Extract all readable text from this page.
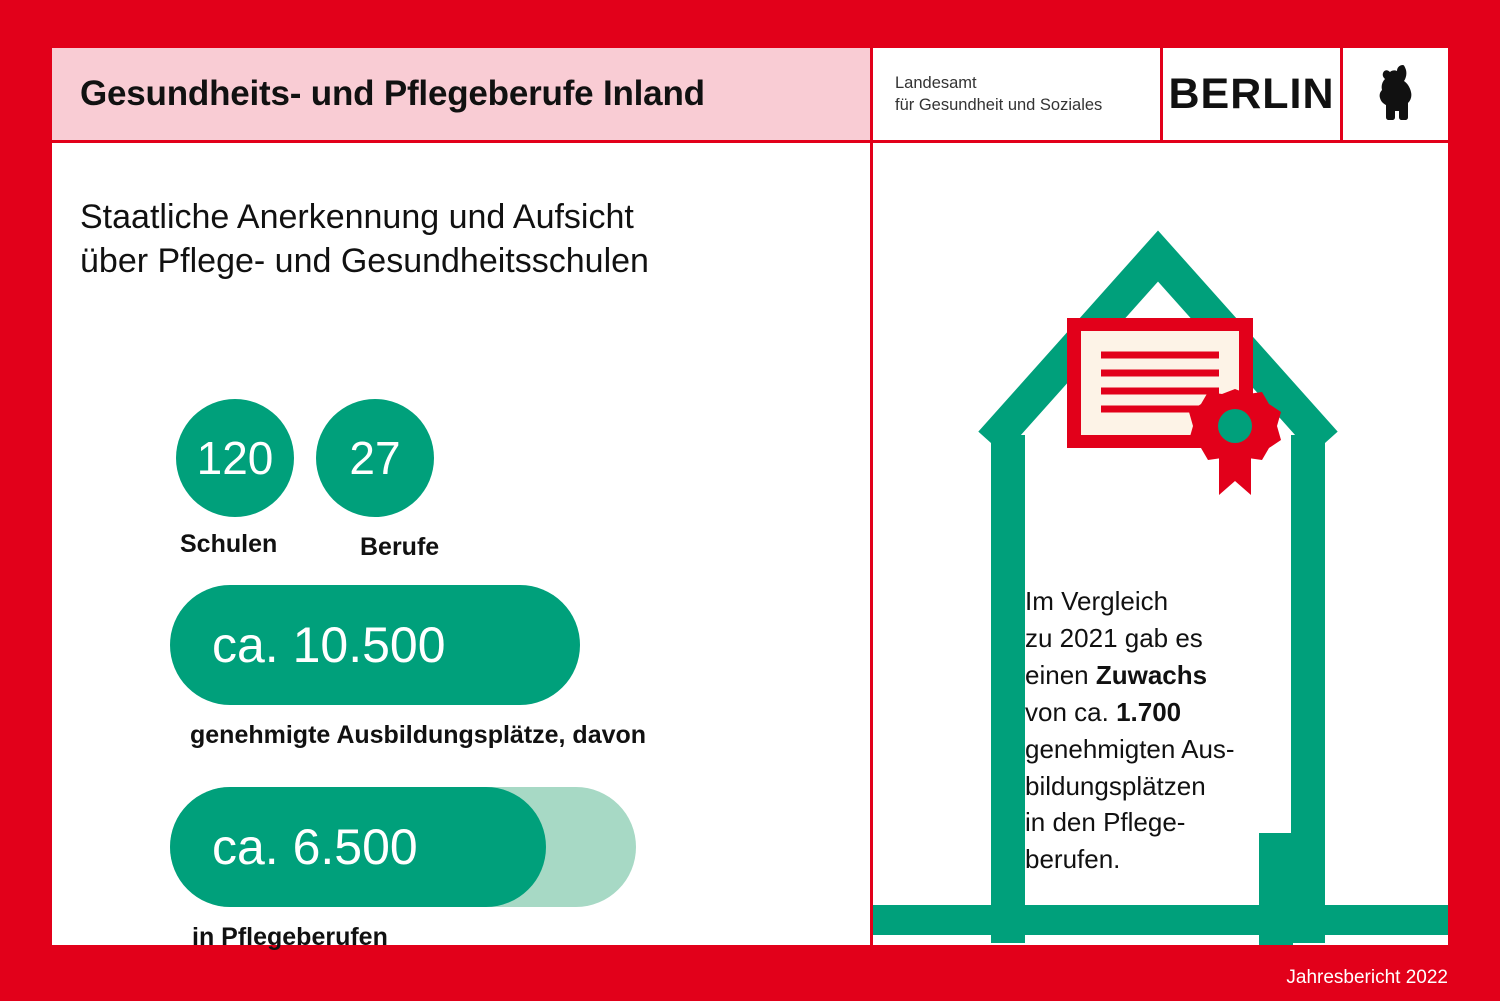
Gesundheits- und Pflegeberufe Inland	Landesamt
für Gesundheit und Soziales	BERLIN
Staatliche Anerkennung und Aufsicht
über Pflege- und Gesundheitsschulen
120
Schulen
27
Berufe
ca. 10.500
genehmigte Ausbildungsplätze, davon
ca. 6.500
in Pflegeberufen
Im Vergleich
zu 2021 gab es
einen Zuwachs
von ca. 1.700
genehmigten Aus-
bildungsplätzen
in den Pflege-
berufen.
Jahresbericht 2022
